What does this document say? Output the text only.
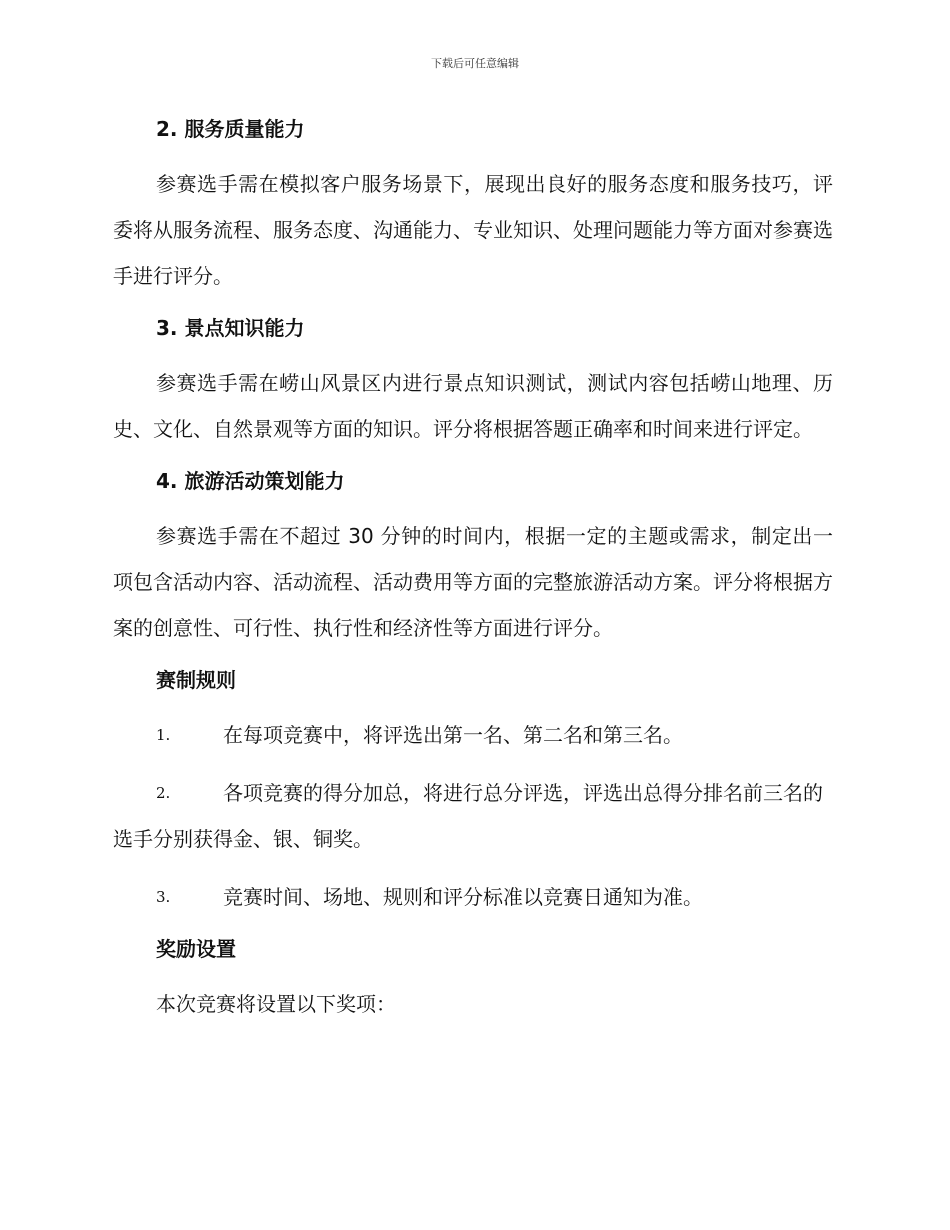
下载后可任意编辑

2. 服务质量能力

参赛选手需在模拟客户服务场景下，展现出良好的服务态度和服务技巧，评委将从服务流程、服务态度、沟通能力、专业知识、处理问题能力等方面对参赛选手进行评分。

3. 景点知识能力

参赛选手需在崂山风景区内进行景点知识测试，测试内容包括崂山地理、历史、文化、自然景观等方面的知识。评分将根据答题正确率和时间来进行评定。

4. 旅游活动策划能力

参赛选手需在不超过 30 分钟的时间内，根据一定的主题或需求，制定出一项包含活动内容、活动流程、活动费用等方面的完整旅游活动方案。评分将根据方案的创意性、可行性、执行性和经济性等方面进行评分。

赛制规则

1.	在每项竞赛中，将评选出第一名、第二名和第三名。

2.	各项竞赛的得分加总，将进行总分评选，评选出总得分排名前三名的选手分别获得金、银、铜奖。

3.	竞赛时间、场地、规则和评分标准以竞赛日通知为准。

奖励设置

本次竞赛将设置以下奖项：
